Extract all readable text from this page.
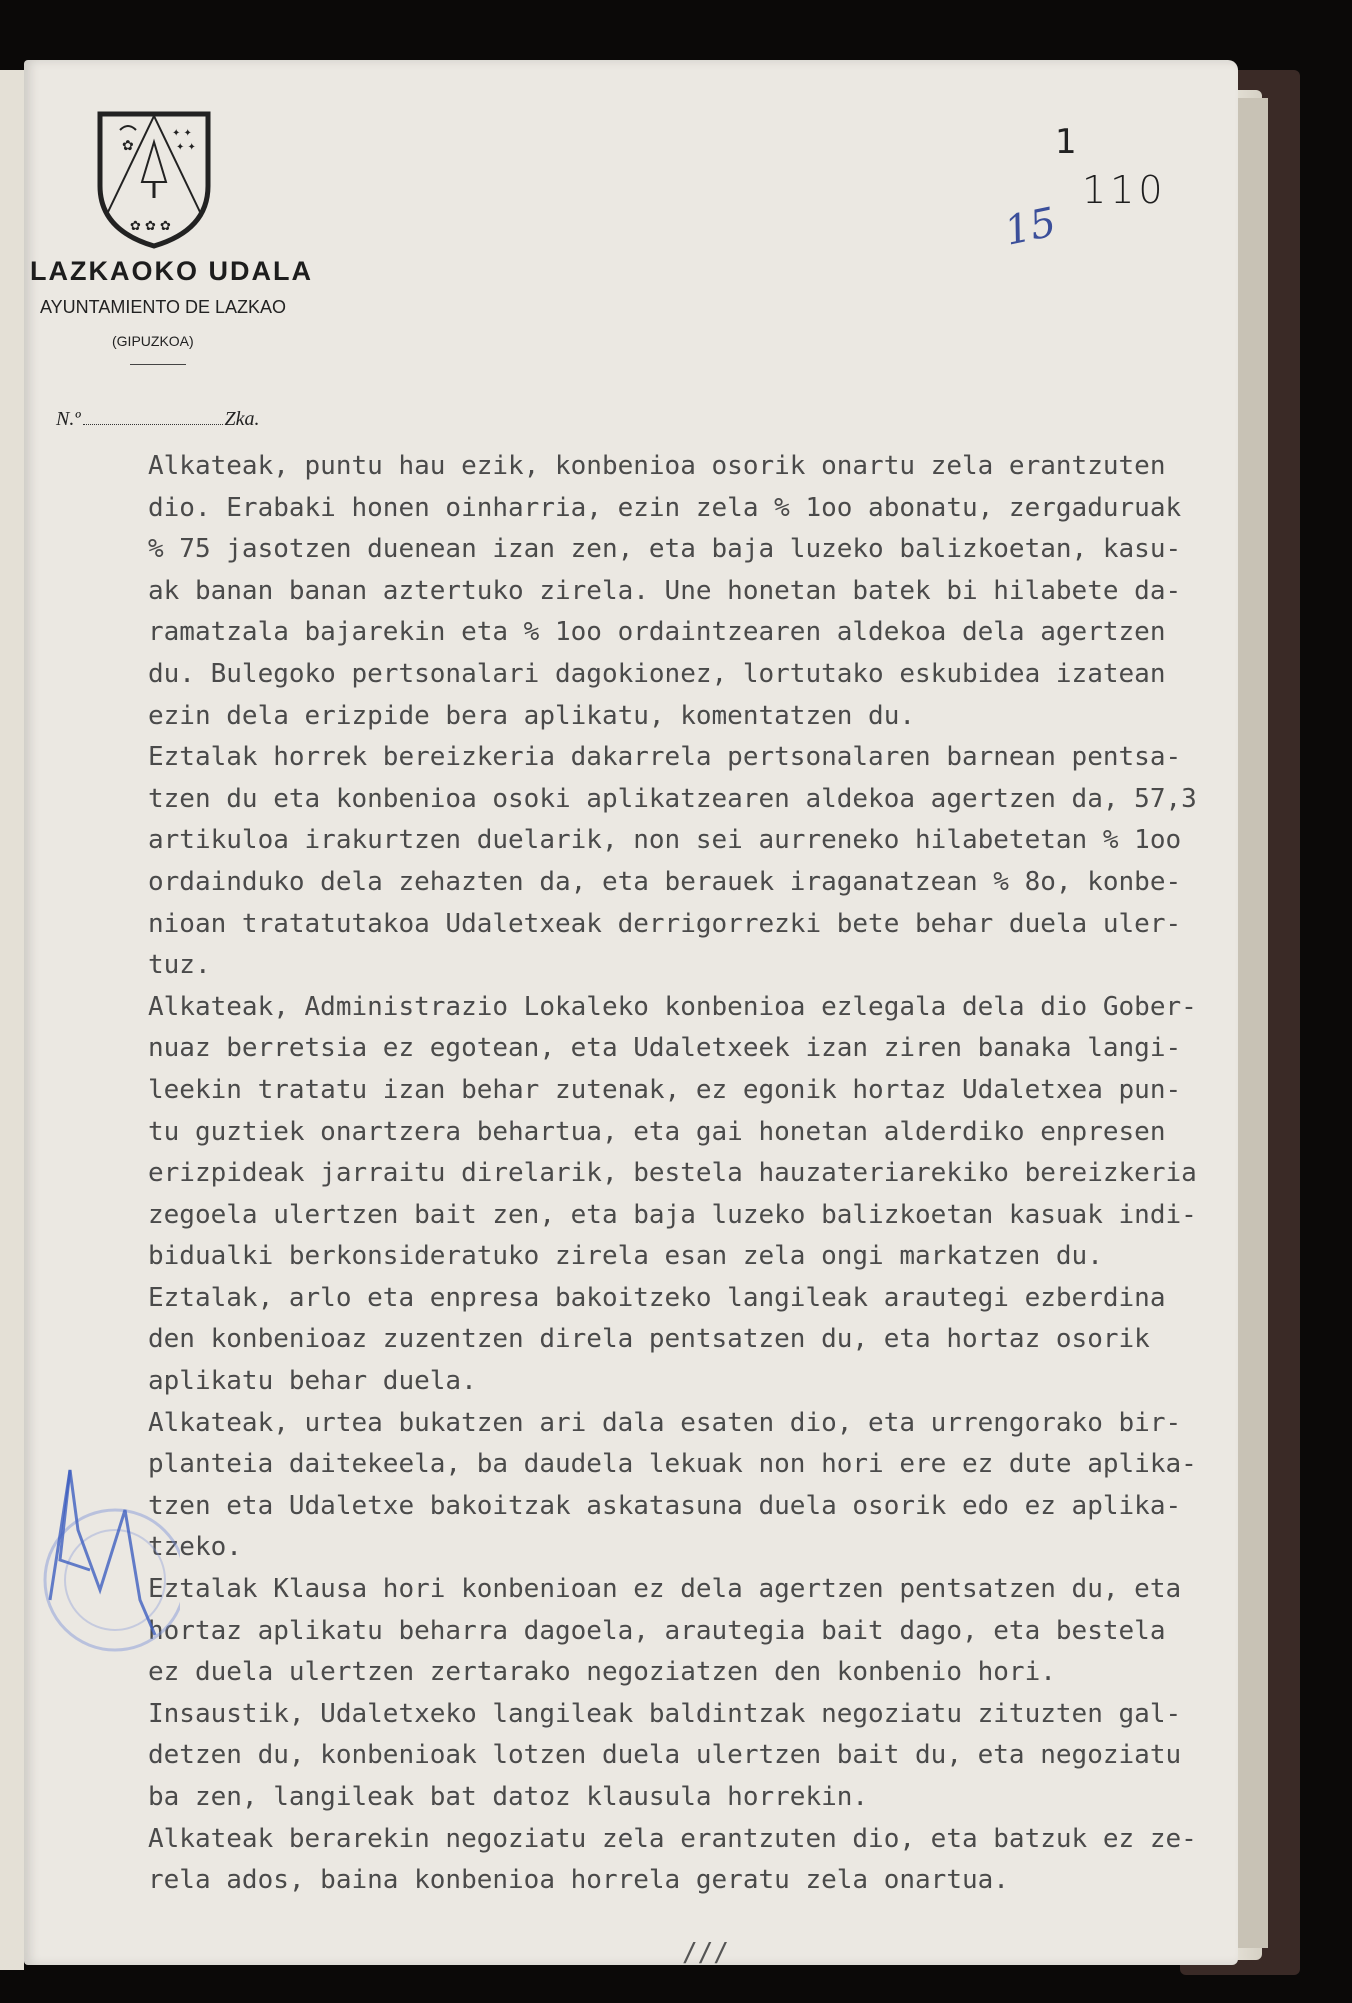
✿
✦ ✦
✦ ✦
✿ ✿ ✿
LAZKAOKO UDALA
AYUNTAMIENTO DE LAZKAO
(GIPUZKOA)
N.º	Zka.
1
110
15
Alkateak, puntu hau ezik, konbenioa osorik onartu zela erantzuten
dio. Erabaki honen oinharria, ezin zela % 1oo abonatu, zergaduruak
% 75 jasotzen duenean izan zen, eta baja luzeko balizkoetan, kasu-
ak banan banan aztertuko zirela. Une honetan batek bi hilabete da-
ramatzala bajarekin eta % 1oo ordaintzearen aldekoa dela agertzen
du. Bulegoko pertsonalari dagokionez, lortutako eskubidea izatean
ezin dela erizpide bera aplikatu, komentatzen du.
Eztalak horrek bereizkeria dakarrela pertsonalaren barnean pentsa-
tzen du eta konbenioa osoki aplikatzearen aldekoa agertzen da, 57,3
artikuloa irakurtzen duelarik, non sei aurreneko hilabetetan % 1oo
ordainduko dela zehazten da, eta berauek iraganatzean % 8o, konbe-
nioan tratatutakoa Udaletxeak derrigorrezki bete behar duela uler-
tuz.
Alkateak, Administrazio Lokaleko konbenioa ezlegala dela dio Gober-
nuaz berretsia ez egotean, eta Udaletxeek izan ziren banaka langi-
leekin tratatu izan behar zutenak, ez egonik hortaz Udaletxea pun-
tu guztiek onartzera behartua, eta gai honetan alderdiko enpresen
erizpideak jarraitu direlarik, bestela hauzateriarekiko bereizkeria
zegoela ulertzen bait zen, eta baja luzeko balizkoetan kasuak indi-
bidualki berkonsideratuko zirela esan zela ongi markatzen du.
Eztalak, arlo eta enpresa bakoitzeko langileak arautegi ezberdina
den konbenioaz zuzentzen direla pentsatzen du, eta hortaz osorik
aplikatu behar duela.
Alkateak, urtea bukatzen ari dala esaten dio, eta urrengorako bir-
planteia daitekeela, ba daudela lekuak non hori ere ez dute aplika-
tzen eta Udaletxe bakoitzak askatasuna duela osorik edo ez aplika-
tzeko.
Eztalak Klausa hori konbenioan ez dela agertzen pentsatzen du, eta
hortaz aplikatu beharra dagoela, arautegia bait dago, eta bestela
ez duela ulertzen zertarako negoziatzen den konbenio hori.
Insaustik, Udaletxeko langileak baldintzak negoziatu zituzten gal-
detzen du, konbenioak lotzen duela ulertzen bait du, eta negoziatu
ba zen, langileak bat datoz klausula horrekin.
Alkateak berarekin negoziatu zela erantzuten dio, eta batzuk ez ze-
rela ados, baina konbenioa horrela geratu zela onartua.
///
